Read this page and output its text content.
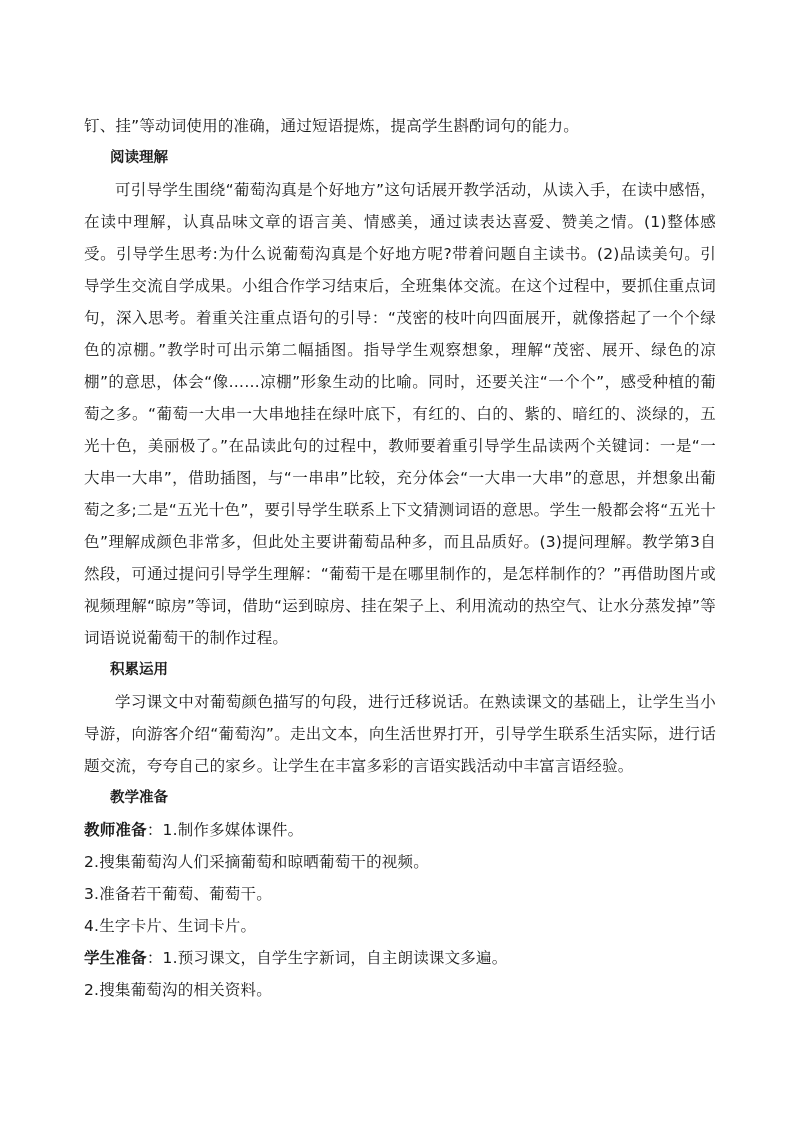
钉、挂”等动词使用的准确，通过短语提炼，提高学生斟酌词句的能力。

阅读理解

可引导学生围绕“葡萄沟真是个好地方”这句话展开教学活动，从读入手，在读中感悟，在读中理解，认真品味文章的语言美、情感美，通过读表达喜爱、赞美之情。(1)整体感受。引导学生思考:为什么说葡萄沟真是个好地方呢?带着问题自主读书。(2)品读美句。引导学生交流自学成果。小组合作学习结束后，全班集体交流。在这个过程中，要抓住重点词句，深入思考。着重关注重点语句的引导：“茂密的枝叶向四面展开，就像搭起了一个个绿色的凉棚。”教学时可出示第二幅插图。指导学生观察想象，理解“茂密、展开、绿色的凉棚”的意思，体会“像……凉棚”形象生动的比喻。同时，还要关注“一个个”，感受种植的葡萄之多。“葡萄一大串一大串地挂在绿叶底下，有红的、白的、紫的、暗红的、淡绿的，五光十色，美丽极了。”在品读此句的过程中，教师要着重引导学生品读两个关键词：一是“一大串一大串”，借助插图，与“一串串”比较，充分体会“一大串一大串”的意思，并想象出葡萄之多;二是“五光十色”，要引导学生联系上下文猜测词语的意思。学生一般都会将“五光十色”理解成颜色非常多，但此处主要讲葡萄品种多，而且品质好。(3)提问理解。教学第3自然段，可通过提问引导学生理解：“葡萄干是在哪里制作的，是怎样制作的？”再借助图片或视频理解“晾房”等词，借助“运到晾房、挂在架子上、利用流动的热空气、让水分蒸发掉”等词语说说葡萄干的制作过程。

积累运用

学习课文中对葡萄颜色描写的句段，进行迁移说话。在熟读课文的基础上，让学生当小导游，向游客介绍“葡萄沟”。走出文本，向生活世界打开，引导学生联系生活实际，进行话题交流，夸夸自己的家乡。让学生在丰富多彩的言语实践活动中丰富言语经验。

教学准备

教师准备：1.制作多媒体课件。

2.搜集葡萄沟人们采摘葡萄和晾晒葡萄干的视频。

3.准备若干葡萄、葡萄干。

4.生字卡片、生词卡片。

学生准备：1.预习课文，自学生字新词，自主朗读课文多遍。

2.搜集葡萄沟的相关资料。
